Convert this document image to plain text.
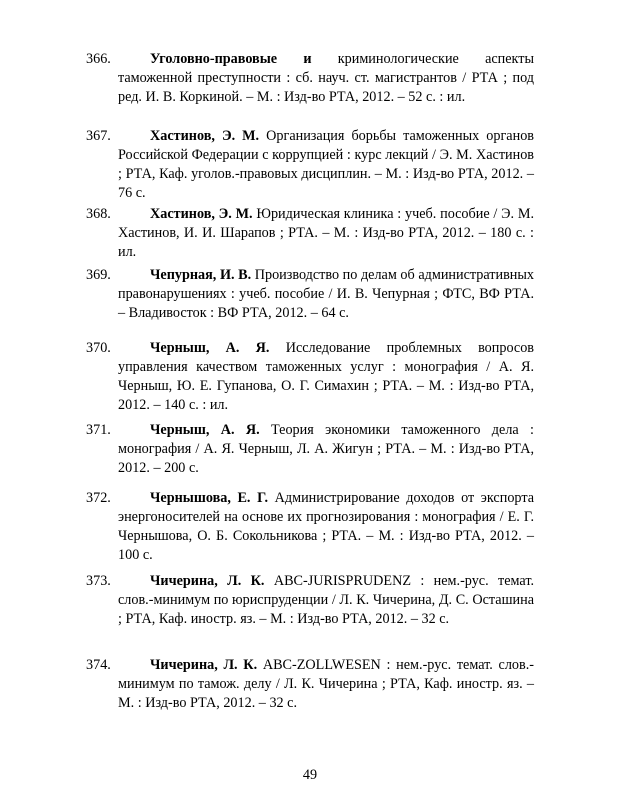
366.	Уголовно-правовые и криминологические аспекты таможенной преступности : сб. науч. ст. магистрантов / РТА ; под ред. И. В. Коркиной. – М. : Изд-во РТА, 2012. – 52 с. : ил.
367.	Хастинов, Э. М. Организация борьбы таможенных органов Российской Федерации с коррупцией : курс лекций / Э. М. Хастинов ; РТА, Каф. уголов.-правовых дисциплин. – М. : Изд-во РТА, 2012. – 76 с.
368.	Хастинов, Э. М. Юридическая клиника : учеб. пособие / Э. М. Хастинов, И. И. Шарапов ; РТА. – М. : Изд-во РТА, 2012. – 180 с. : ил.
369.	Чепурная, И. В. Производство по делам об административных правонарушениях : учеб. пособие / И. В. Чепурная ; ФТС, ВФ РТА. – Владивосток : ВФ РТА, 2012. – 64 с.
370.	Черныш, А. Я. Исследование проблемных вопросов управления качеством таможенных услуг : монография / А. Я. Черныш, Ю. Е. Гупанова, О. Г. Симахин ; РТА. – М. : Изд-во РТА, 2012. – 140 с. : ил.
371.	Черныш, А. Я. Теория экономики таможенного дела : монография / А. Я. Черныш, Л. А. Жигун ; РТА. – М. : Изд-во РТА, 2012. – 200 с.
372.	Чернышова, Е. Г. Администрирование доходов от экспорта энергоносителей на основе их прогнозирования : монография / Е. Г. Чернышова, О. Б. Сокольникова ; РТА. – М. : Изд-во РТА, 2012. – 100 с.
373.	Чичерина, Л. К. ABC-JURISPRUDENZ : нем.-рус. темат. слов.-минимум по юриспруденции / Л. К. Чичерина, Д. С. Осташина ; РТА, Каф. иностр. яз. – М. : Изд-во РТА, 2012. – 32 с.
374.	Чичерина, Л. К. ABC-ZOLLWESEN : нем.-рус. темат. слов.-минимум по тамож. делу / Л. К. Чичерина ; РТА, Каф. иностр. яз. – М. : Изд-во РТА, 2012. – 32 с.
49
